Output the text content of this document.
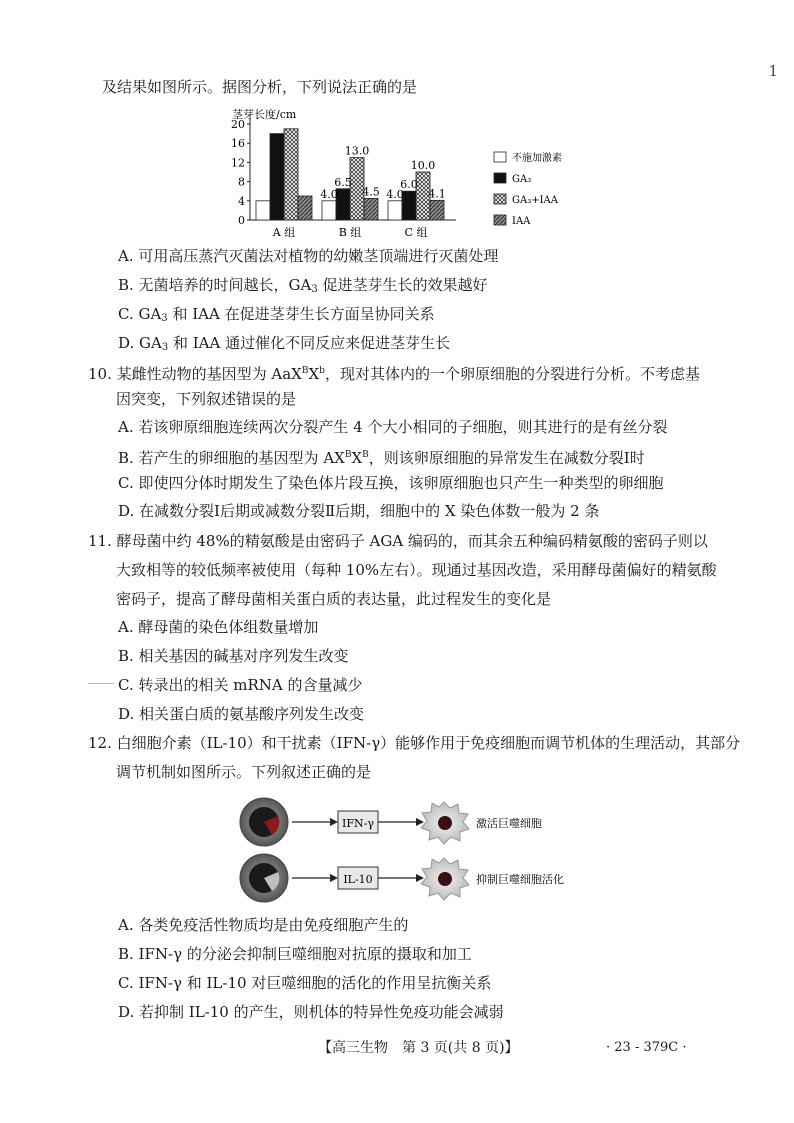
1
及结果如图所示。据图分析，下列说法正确的是
茎芽长度/cm
0
4
8
12
16
20
A 组	B 组	C 组
4.0
6.5
13.0
4.5 4.0
6.0
10.0
4.1
不施加激素
GA₃
GA₃+IAA
IAA
A. 可用高压蒸汽灭菌法对植物的幼嫩茎顶端进行灭菌处理
B. 无菌培养的时间越长，$GA_3$ 促进茎芽生长的效果越好
C. $GA_3$ 和 IAA 在促进茎芽生长方面呈协同关系
D. $GA_3$ 和 IAA 通过催化不同反应来促进茎芽生长
10. 某雌性动物的基因型为 $AaX^BX^b$，现对其体内的一个卵原细胞的分裂进行分析。不考虑基
因突变，下列叙述错误的是
A. 若该卵原细胞连续两次分裂产生 4 个大小相同的子细胞，则其进行的是有丝分裂
B. 若产生的卵细胞的基因型为 $AX^BX^B$，则该卵原细胞的异常发生在减数分裂Ⅰ时
C. 即使四分体时期发生了染色体片段互换，该卵原细胞也只产生一种类型的卵细胞
D. 在减数分裂Ⅰ后期或减数分裂Ⅱ后期，细胞中的 X 染色体数一般为 2 条
11. 酵母菌中约 48%的精氨酸是由密码子 AGA 编码的，而其余五种编码精氨酸的密码子则以
大致相等的较低频率被使用（每种 10%左右）。现通过基因改造，采用酵母菌偏好的精氨酸
密码子，提高了酵母菌相关蛋白质的表达量，此过程发生的变化是
A. 酵母菌的染色体组数量增加
B. 相关基因的碱基对序列发生改变
C. 转录出的相关 mRNA 的含量减少
D. 相关蛋白质的氨基酸序列发生改变
12. 白细胞介素（IL-10）和干扰素（IFN-γ）能够作用于免疫细胞而调节机体的生理活动，其部分
调节机制如图所示。下列叙述正确的是
IFN-γ	激活巨噬细胞
IL-10	抑制巨噬细胞活化
A. 各类免疫活性物质均是由免疫细胞产生的
B. IFN-γ 的分泌会抑制巨噬细胞对抗原的摄取和加工
C. IFN-γ 和 IL-10 对巨噬细胞的活化的作用呈抗衡关系
D. 若抑制 IL-10 的产生，则机体的特异性免疫功能会减弱
【高三生物　第 3 页(共 8 页)】	· 23 - 379C ·
